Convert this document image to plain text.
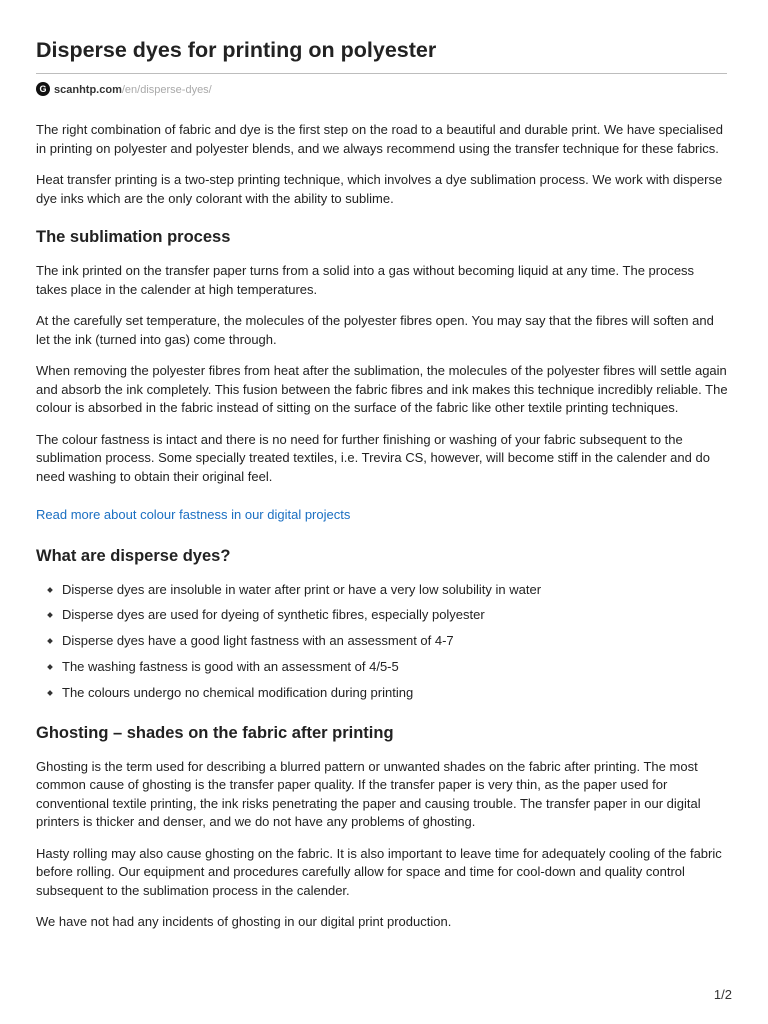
Disperse dyes for printing on polyester
G scanhtp.com /en/disperse-dyes/

The right combination of fabric and dye is the first step on the road to a beautiful and durable print. We have specialised in printing on polyester and polyester blends, and we always recommend using the transfer technique for these fabrics.

Heat transfer printing is a two-step printing technique, which involves a dye sublimation process. We work with disperse dye inks which are the only colorant with the ability to sublime.

The sublimation process

The ink printed on the transfer paper turns from a solid into a gas without becoming liquid at any time. The process takes place in the calender at high temperatures.

At the carefully set temperature, the molecules of the polyester fibres open. You may say that the fibres will soften and let the ink (turned into gas) come through.

When removing the polyester fibres from heat after the sublimation, the molecules of the polyester fibres will settle again and absorb the ink completely. This fusion between the fabric fibres and ink makes this technique incredibly reliable. The colour is absorbed in the fabric instead of sitting on the surface of the fabric like other textile printing techniques.

The colour fastness is intact and there is no need for further finishing or washing of your fabric subsequent to the sublimation process. Some specially treated textiles, i.e. Trevira CS, however, will become stiff in the calender and do need washing to obtain their original feel.

Read more about colour fastness in our digital projects
What are disperse dyes?
Disperse dyes are insoluble in water after print or have a very low solubility in water
Disperse dyes are used for dyeing of synthetic fibres, especially polyester
Disperse dyes have a good light fastness with an assessment of 4-7
The washing fastness is good with an assessment of 4/5-5
The colours undergo no chemical modification during printing
Ghosting – shades on the fabric after printing

Ghosting is the term used for describing a blurred pattern or unwanted shades on the fabric after printing. The most common cause of ghosting is the transfer paper quality. If the transfer paper is very thin, as the paper used for conventional textile printing, the ink risks penetrating the paper and causing trouble. The transfer paper in our digital printers is thicker and denser, and we do not have any problems of ghosting.

Hasty rolling may also cause ghosting on the fabric. It is also important to leave time for adequately cooling of the fabric before rolling. Our equipment and procedures carefully allow for space and time for cool-down and quality control subsequent to the sublimation process in the calender.

We have not had any incidents of ghosting in our digital print production.

1/2
